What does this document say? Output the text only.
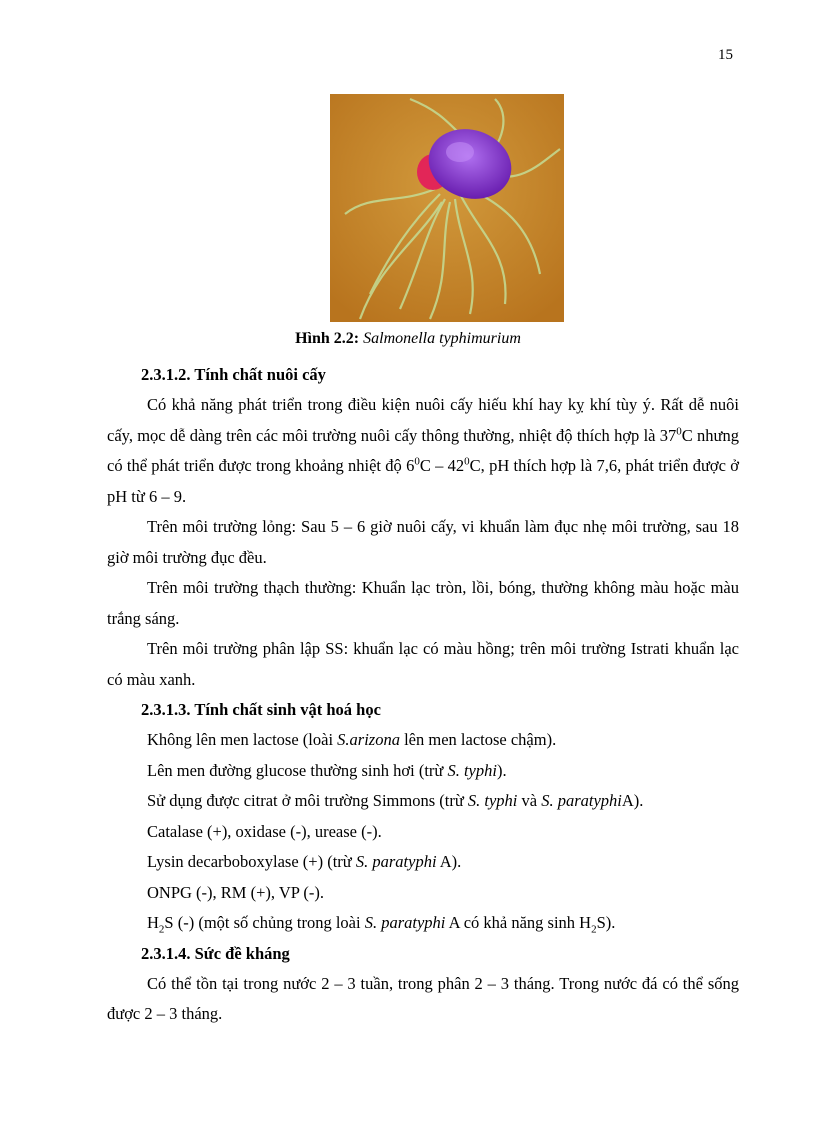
15
Hình 2.2: Salmonella typhimurium
2.3.1.2. Tính chất nuôi cấy

Có khả năng phát triển trong điều kiện nuôi cấy hiếu khí hay kỵ khí tùy ý. Rất dễ nuôi cấy, mọc dễ dàng trên các môi trường nuôi cấy thông thường, nhiệt độ thích hợp là $37^0C$ nhưng có thể phát triển được trong khoảng nhiệt độ $6^0C - 42^0C$, pH thích hợp là 7,6, phát triển được ở pH từ 6 – 9.

Trên môi trường lỏng: Sau 5 – 6 giờ nuôi cấy, vi khuẩn làm đục nhẹ môi trường, sau 18 giờ môi trường đục đều.

Trên môi trường thạch thường: Khuẩn lạc tròn, lồi, bóng, thường không màu hoặc màu trắng sáng.

Trên môi trường phân lập SS: khuẩn lạc có màu hồng; trên môi trường Istrati khuẩn lạc có màu xanh.

2.3.1.3. Tính chất sinh vật hoá học

Không lên men lactose (loài S.arizona lên men lactose chậm).

Lên men đường glucose thường sinh hơi (trừ S. typhi).

Sử dụng được citrat ở môi trường Simmons (trừ S. typhi và S. paratyphiA).

Catalase (+), oxidase (-), urease (-).

Lysin decarboboxylase (+) (trừ S. paratyphi A).

ONPG (-), RM (+), VP (-).

$H_2S$ (-) (một số chủng trong loài S. paratyphi A có khả năng $\sinh H_2S$).

2.3.1.4. Sức đề kháng

Có thể tồn tại trong nước 2 – 3 tuần, trong phân 2 – 3 tháng. Trong nước đá có thể sống được 2 – 3 tháng.
